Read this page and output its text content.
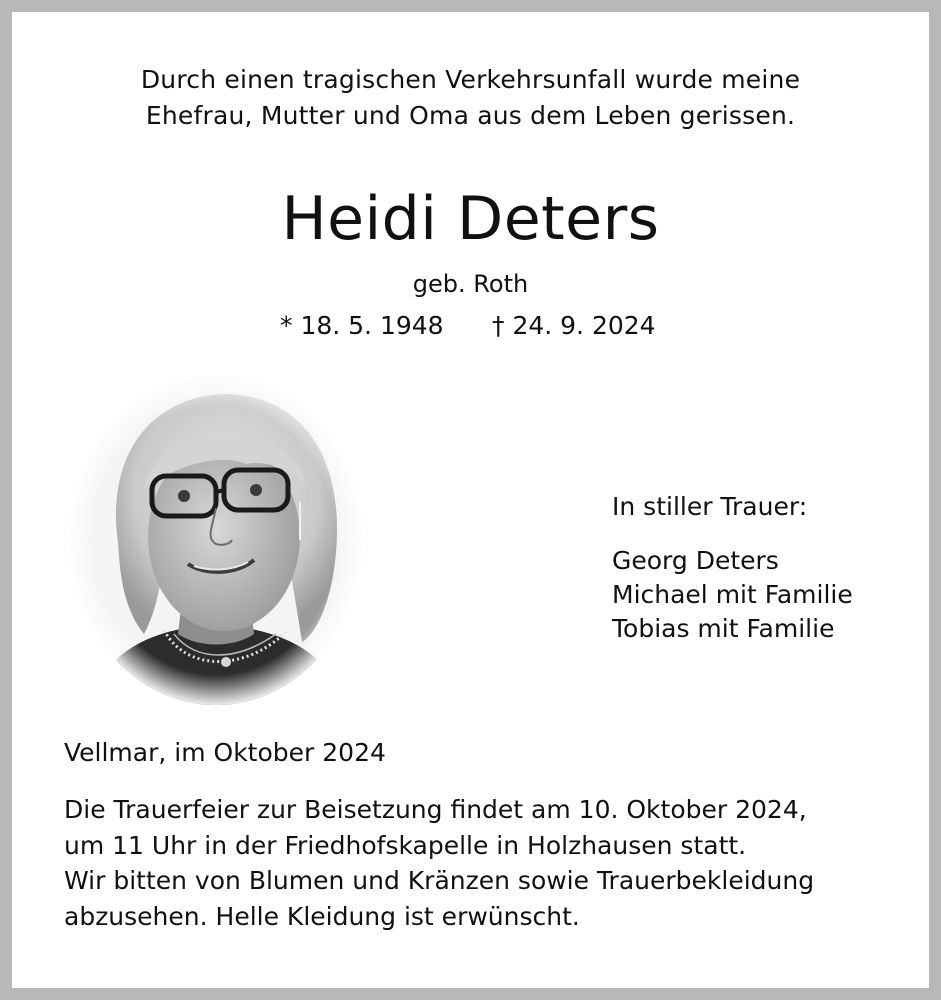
Durch einen tragischen Verkehrsunfall wurde meine
Ehefrau, Mutter und Oma aus dem Leben gerissen.
Heidi Deters
geb. Roth
* 18. 5. 1948 † 24. 9. 2024
In stiller Trauer:
Georg Deters
Michael mit Familie
Tobias mit Familie
Vellmar, im Oktober 2024
Die Trauerfeier zur Beisetzung findet am 10. Oktober 2024,
um 11 Uhr in der Friedhofskapelle in Holzhausen statt.
Wir bitten von Blumen und Kränzen sowie Trauerbekleidung
abzusehen. Helle Kleidung ist erwünscht.
